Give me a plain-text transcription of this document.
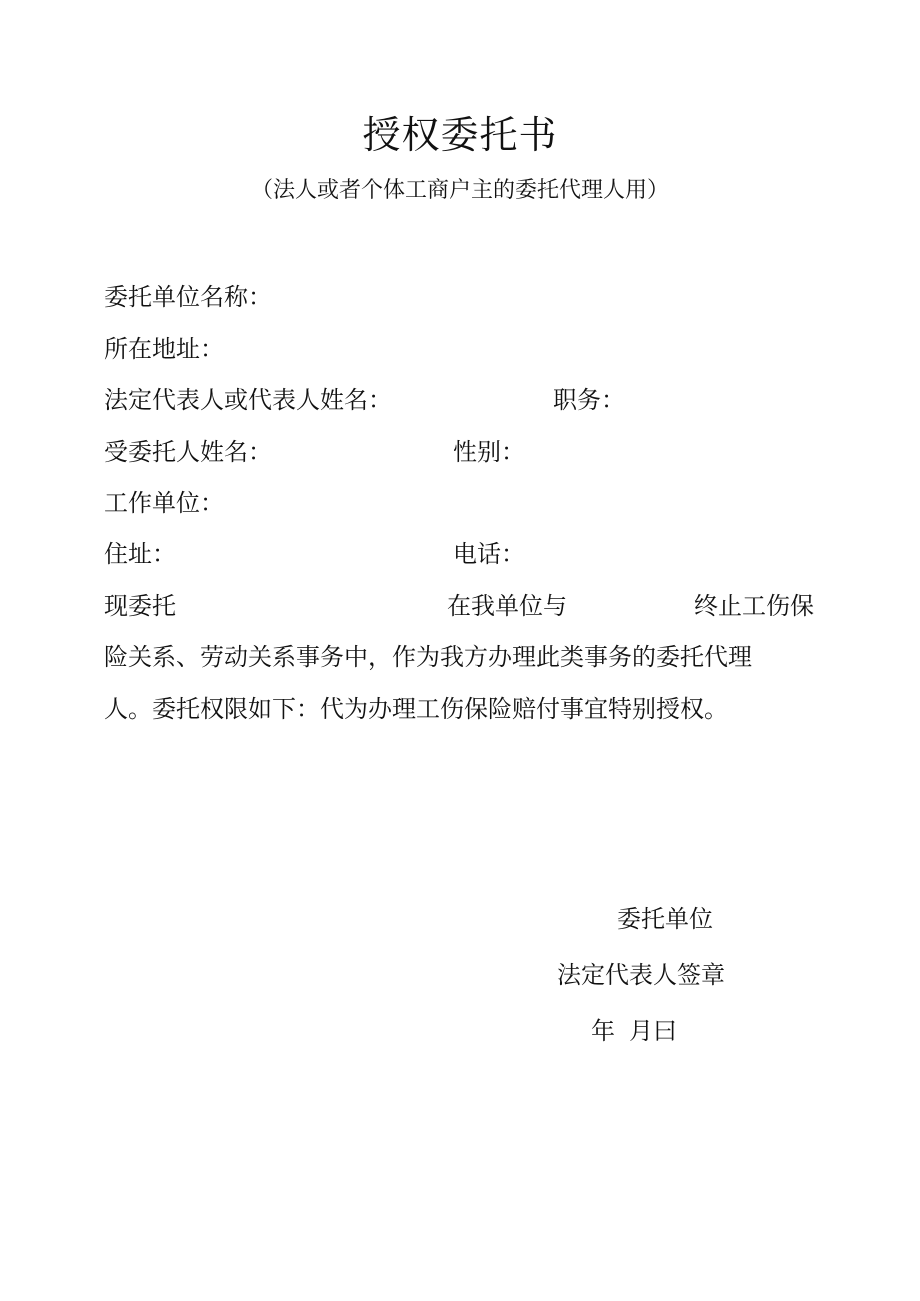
授权委托书
（法人或者个体工商户主的委托代理人用）
委托单位名称：
所在地址：
法定代表人或代表人姓名：	职务：
受委托人姓名：	性别：
工作单位：
住址：	电话：
现委托	在我单位与	终止工伤保
险关系、劳动关系事务中，作为我方办理此类事务的委托代理
人。委托权限如下：代为办理工伤保险赔付事宜特别授权。
委托单位
法定代表人签章
年 月曰
